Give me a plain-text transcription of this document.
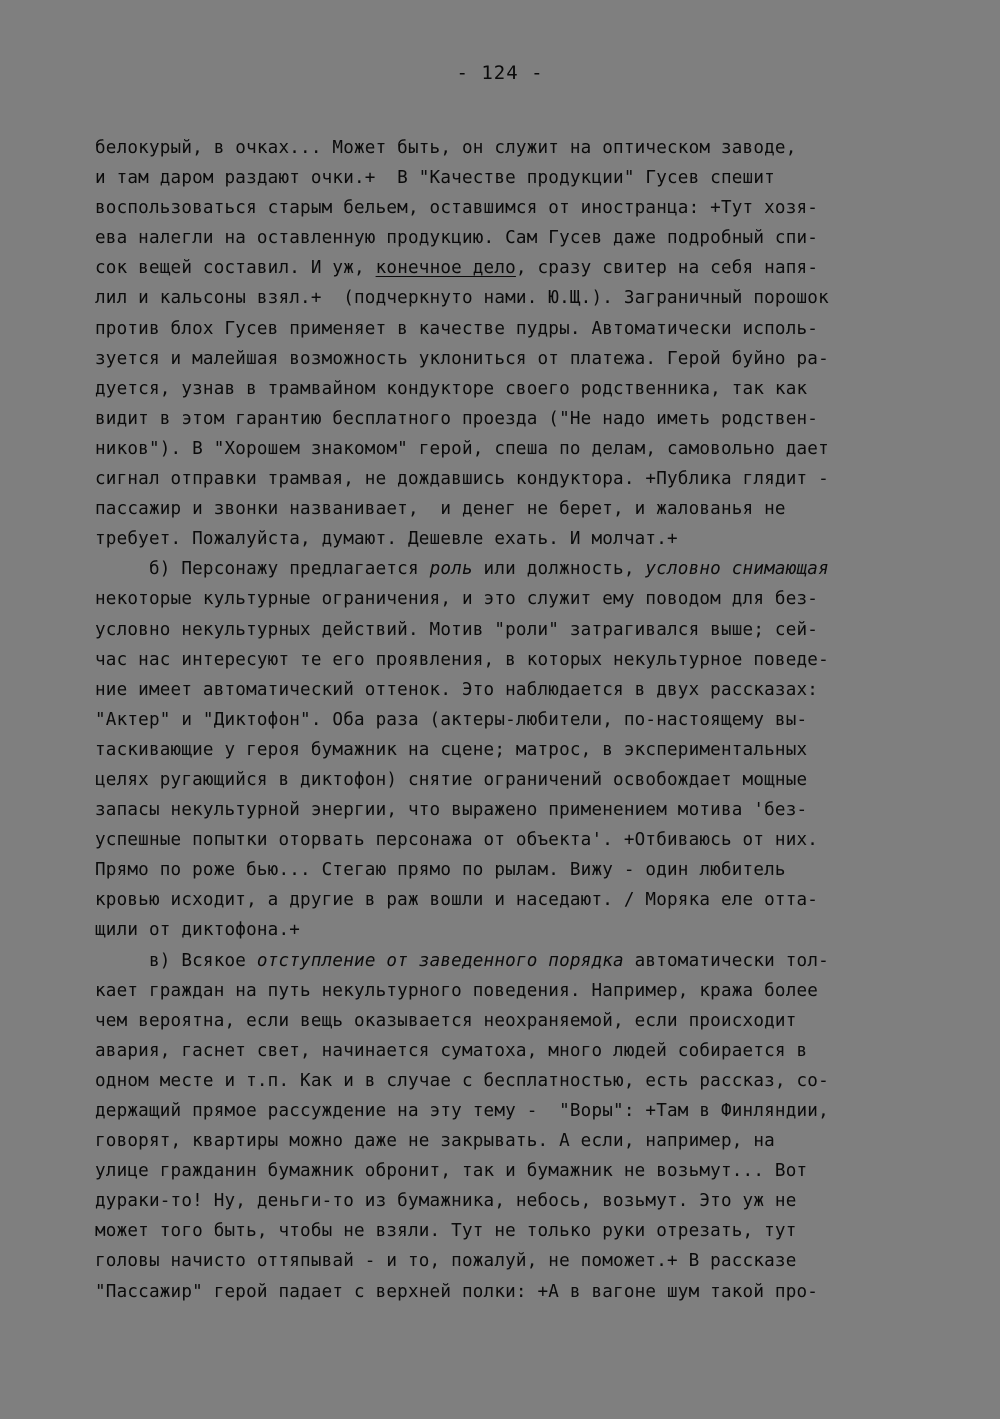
- 124 -
белокурый, в очках... Может быть, он служит на оптическом заводе,
и там даром раздают очки.+  В "Качестве продукции" Гусев спешит
воспользоваться старым бельем, оставшимся от иностранца: +Тут хозя-
ева налегли на оставленную продукцию. Сам Гусев даже подробный спи-
сок вещей составил. И уж, конечное дело, сразу свитер на себя напя-
лил и кальсоны взял.+  (подчеркнуто нами. Ю.Щ.). Заграничный порошок
против блох Гусев применяет в качестве пудры. Автоматически исполь-
зуется и малейшая возможность уклониться от платежа. Герой буйно ра-
дуется, узнав в трамвайном кондукторе своего родственника, так как
видит в этом гарантию бесплатного проезда ("Не надо иметь родствен-
ников"). В "Хорошем знакомом" герой, спеша по делам, самовольно дает
сигнал отправки трамвая, не дождавшись кондуктора. +Публика глядит -
пассажир и звонки названивает,  и денег не берет, и жалованья не
требует. Пожалуйста, думают. Дешевле ехать. И молчат.+
б) Персонажу предлагается роль или должность, условно снимающая
некоторые культурные ограничения, и это служит ему поводом для без-
условно некультурных действий. Мотив "роли" затрагивался выше; сей-
час нас интересуют те его проявления, в которых некультурное поведе-
ние имеет автоматический оттенок. Это наблюдается в двух рассказах:
"Актер" и "Диктофон". Оба раза (актеры-любители, по-настоящему вы-
таскивающие у героя бумажник на сцене; матрос, в экспериментальных
целях ругающийся в диктофон) снятие ограничений освобождает мощные
запасы некультурной энергии, что выражено применением мотива 'без-
успешные попытки оторвать персонажа от объекта'. +Отбиваюсь от них.
Прямо по роже бью... Стегаю прямо по рылам. Вижу - один любитель
кровью исходит, а другие в раж вошли и наседают. / Моряка еле отта-
щили от диктофона.+
в) Всякое отступление от заведенного порядка автоматически тол-
кает граждан на путь некультурного поведения. Например, кража более
чем вероятна, если вещь оказывается неохраняемой, если происходит
авария, гаснет свет, начинается суматоха, много людей собирается в
одном месте и т.п. Как и в случае с бесплатностью, есть рассказ, со-
держащий прямое рассуждение на эту тему -  "Воры": +Там в Финляндии,
говорят, квартиры можно даже не закрывать. А если, например, на
улице гражданин бумажник обронит, так и бумажник не возьмут... Вот
дураки-то! Ну, деньги-то из бумажника, небось, возьмут. Это уж не
может того быть, чтобы не взяли. Тут не только руки отрезать, тут
головы начисто оттяпывай - и то, пожалуй, не поможет.+ В рассказе
"Пассажир" герой падает с верхней полки: +А в вагоне шум такой про-
